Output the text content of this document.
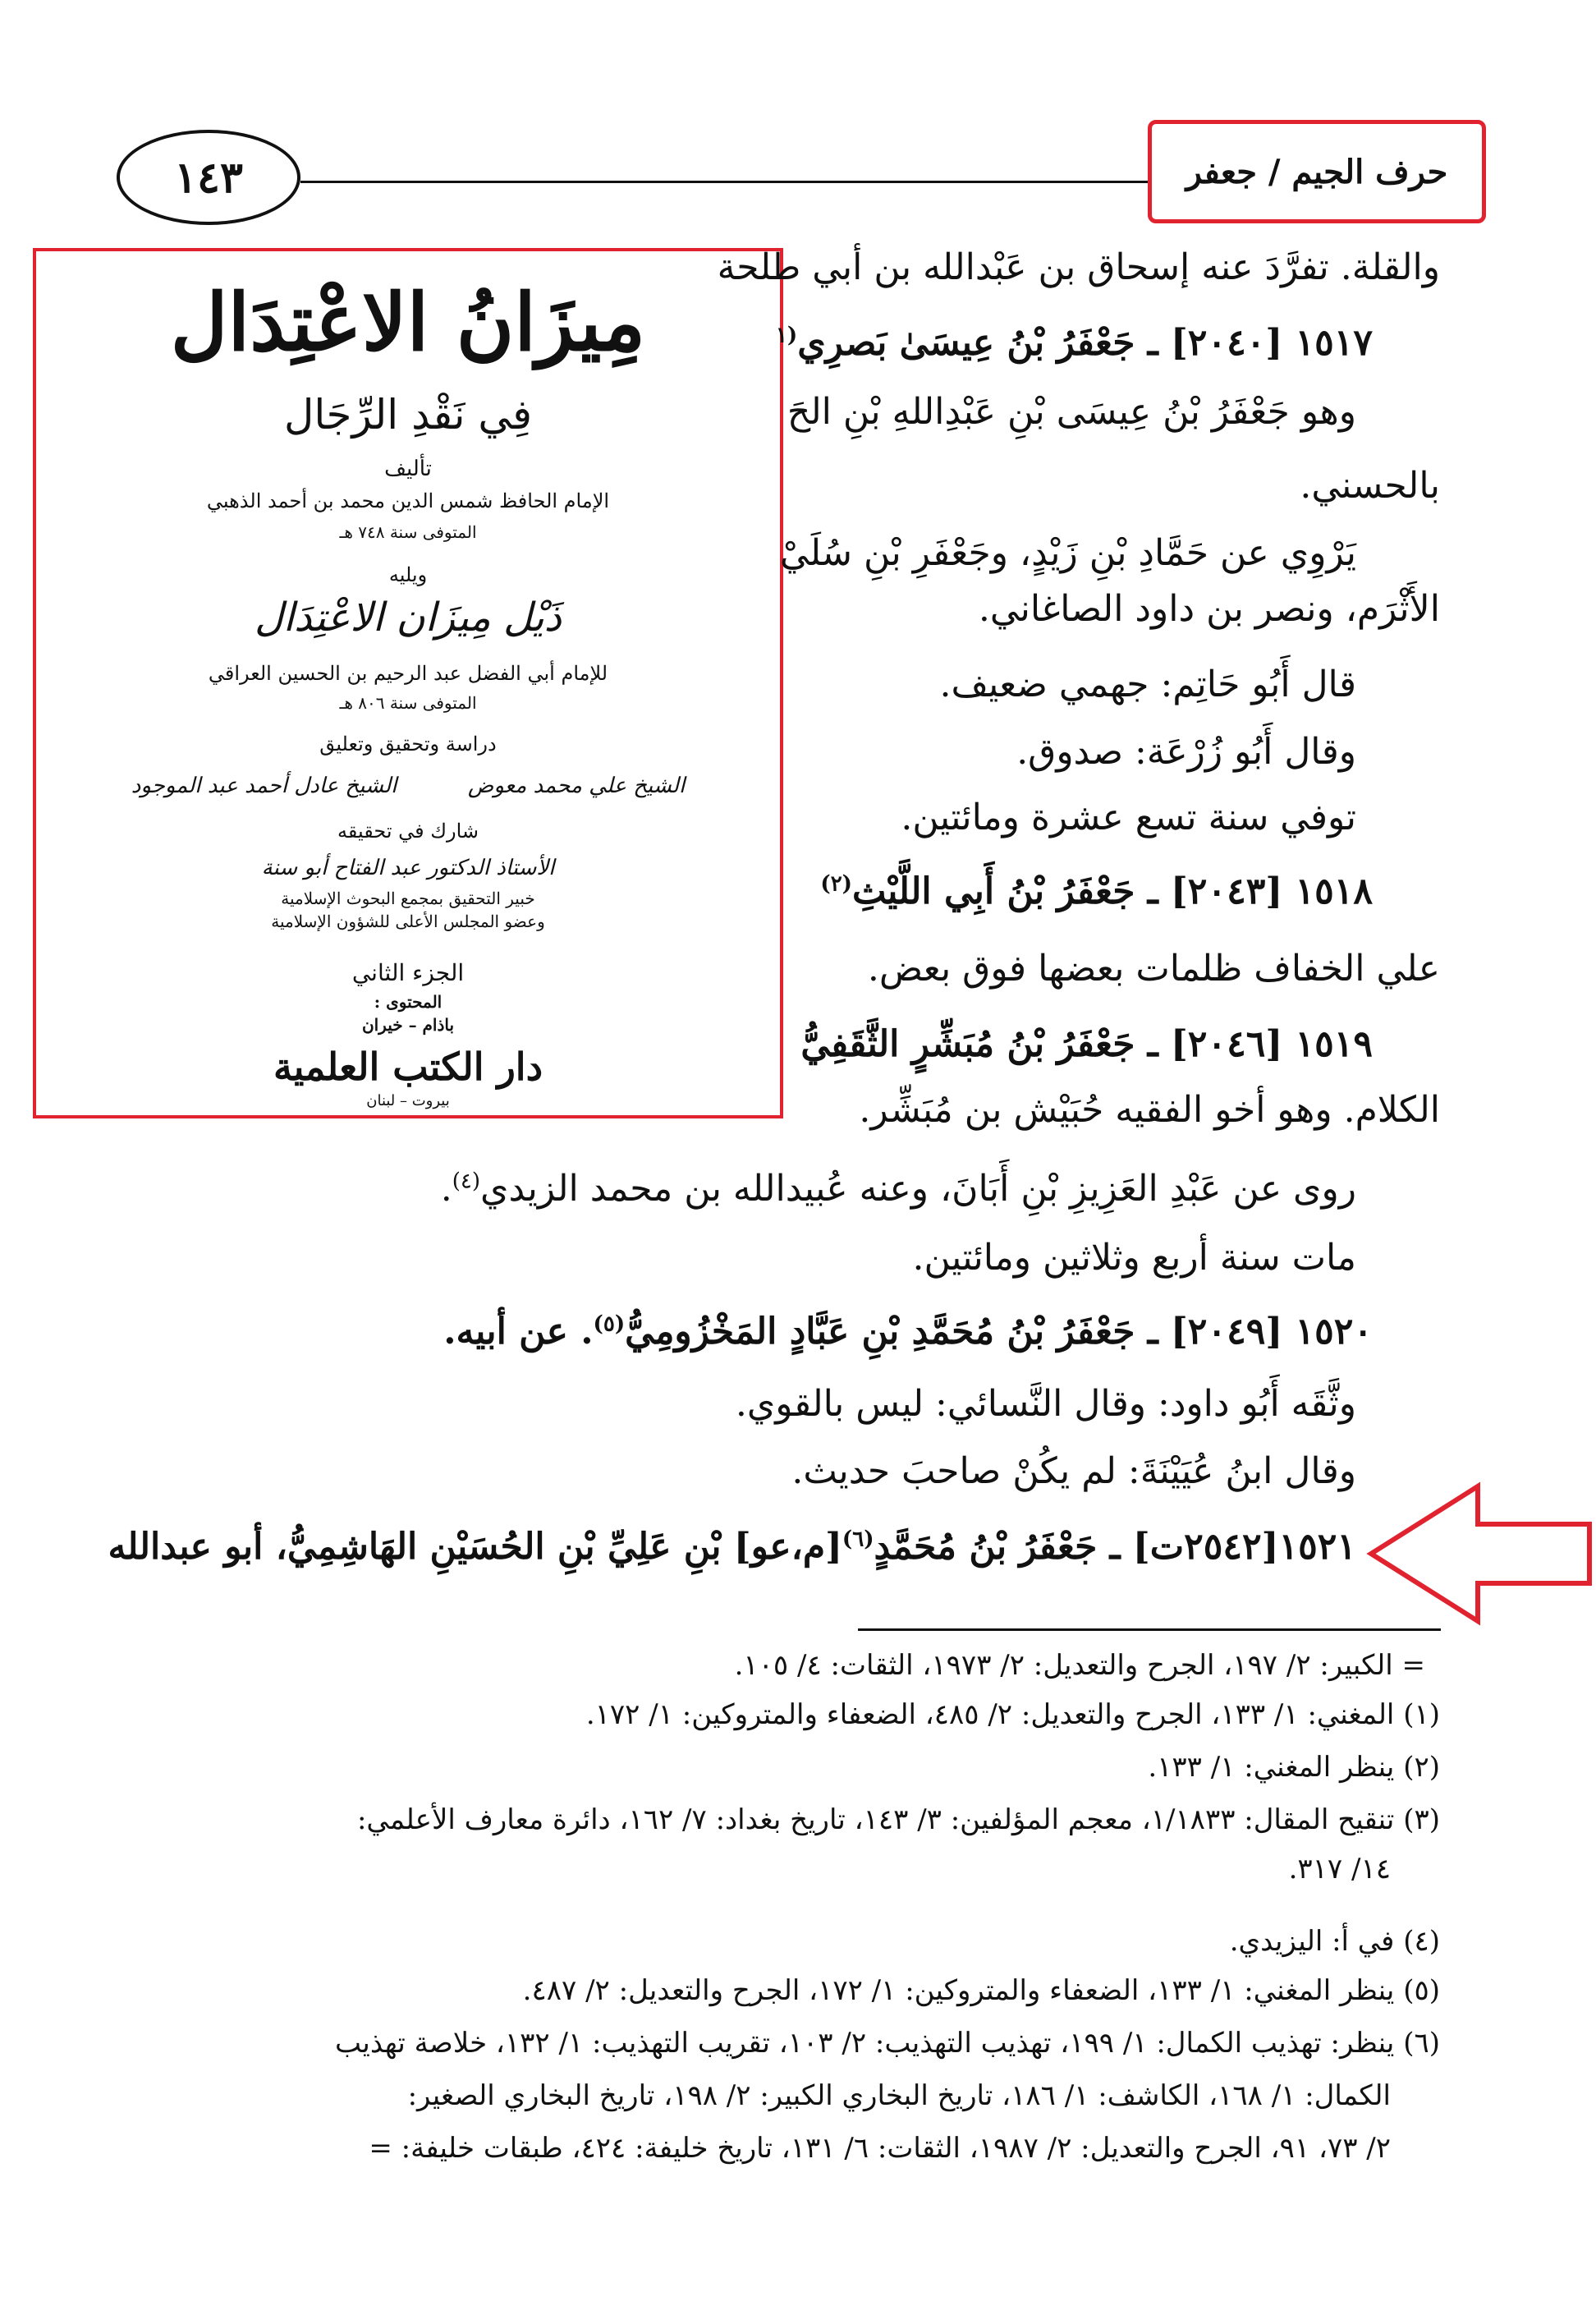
١٤٣	حرف الجيم / جعفر
مِيزَانُ الاعْتِدَال
فِي نَقْدِ الرِّجَال
تأليف
الإمام الحافظ شمس الدين محمد بن أحمد الذهبي
المتوفى سنة ٧٤٨ هـ
ويليه
ذَيْل مِيزَان الاعْتِدَال
للإمام أبي الفضل عبد الرحيم بن الحسين العراقي
المتوفى سنة ٨٠٦ هـ
دراسة وتحقيق وتعليق
الشيخ علي محمد معوض  الشيخ عادل أحمد عبد الموجود
شارك في تحقيقه
الأستاذ الدكتور عبد الفتاح أبو سنة
خبير التحقيق بمجمع البحوث الإسلامية
وعضو المجلس الأعلى للشؤون الإسلامية
الجزء الثاني
المحتوى :
باذام – خيران
دار الكتب العلمية
بيروت – لبنان
والقلة. تفرَّدَ عنه إسحاق بن عَبْدالله بن أبي طلحة
١٥١٧ [٢٠٤٠] ـ جَعْفَرُ بْنُ عِيسَىٰ بَصرِي$^{(١}$
وهو جَعْفَرُ بْنُ عِيسَى بْنِ عَبْدِاللهِ بْنِ الحَ
بالحسني.
يَرْوِي عن حَمَّادِ بْنِ زَيْدٍ، وجَعْفَرِ بْنِ سُلَيْ
الأَثْرَم، ونصر بن داود الصاغاني.
قال أَبُو حَاتِم: جهمي ضعيف.
وقال أَبُو زُرْعَة: صدوق.
توفي سنة تسع عشرة ومائتين.
١٥١٨ [٢٠٤٣] ـ جَعْفَرُ بْنُ أَبِي اللَّيْثِ$^{(٢)}$
علي الخفاف ظلمات بعضها فوق بعض.
١٥١٩ [٢٠٤٦] ـ جَعْفَرُ بْنُ مُبَشِّرٍ الثَّقَفِيُّ
الكلام. وهو أخو الفقيه حُبَيْش بن مُبَشِّر.
روى عن عَبْدِ العَزِيزِ بْنِ أَبَانَ، وعنه عُبيدالله بن محمد الزيدي$^{(٤)}$.
مات سنة أربع وثلاثين ومائتين.
١٥٢٠ [٢٠٤٩] ـ جَعْفَرُ بْنُ مُحَمَّدِ بْنِ عَبَّادٍ المَخْزُومِيُّ$^{(٥)}$. عن أبيه.
وثَّقَه أَبُو داود: وقال النَّسائي: ليس بالقوي.
وقال ابنُ عُيَيْنَةَ: لم يكُنْ صاحبَ حديث.
١٥٢١[٢٥٤٢ت] ـ جَعْفَرُ بْنُ مُحَمَّدٍ$^{(٦)}$[م،عو] بْنِ عَلِيِّ بْنِ الحُسَيْنِ الهَاشِمِيُّ، أبو عبدالله
= الكبير: ٢/ ١٩٧، الجرح والتعديل: ٢/ ١٩٧٣، الثقات: ٤/ ١٠٥.
(١) المغني: ١/ ١٣٣، الجرح والتعديل: ٢/ ٤٨٥، الضعفاء والمتروكين: ١/ ١٧٢.
(٢) ينظر المغني: ١/ ١٣٣.
(٣) تنقيح المقال: ١/١٨٣٣، معجم المؤلفين: ٣/ ١٤٣، تاريخ بغداد: ٧/ ١٦٢، دائرة معارف الأعلمي:
١٤/ ٣١٧.
(٤) في أ: اليزيدي.
(٥) ينظر المغني: ١/ ١٣٣، الضعفاء والمتروكين: ١/ ١٧٢، الجرح والتعديل: ٢/ ٤٨٧.
(٦) ينظر: تهذيب الكمال: ١/ ١٩٩، تهذيب التهذيب: ٢/ ١٠٣، تقريب التهذيب: ١/ ١٣٢، خلاصة تهذيب
الكمال: ١/ ١٦٨، الكاشف: ١/ ١٨٦، تاريخ البخاري الكبير: ٢/ ١٩٨، تاريخ البخاري الصغير:
٢/ ٧٣، ٩١، الجرح والتعديل: ٢/ ١٩٨٧، الثقات: ٦/ ١٣١، تاريخ خليفة: ٤٢٤، طبقات خليفة: =
